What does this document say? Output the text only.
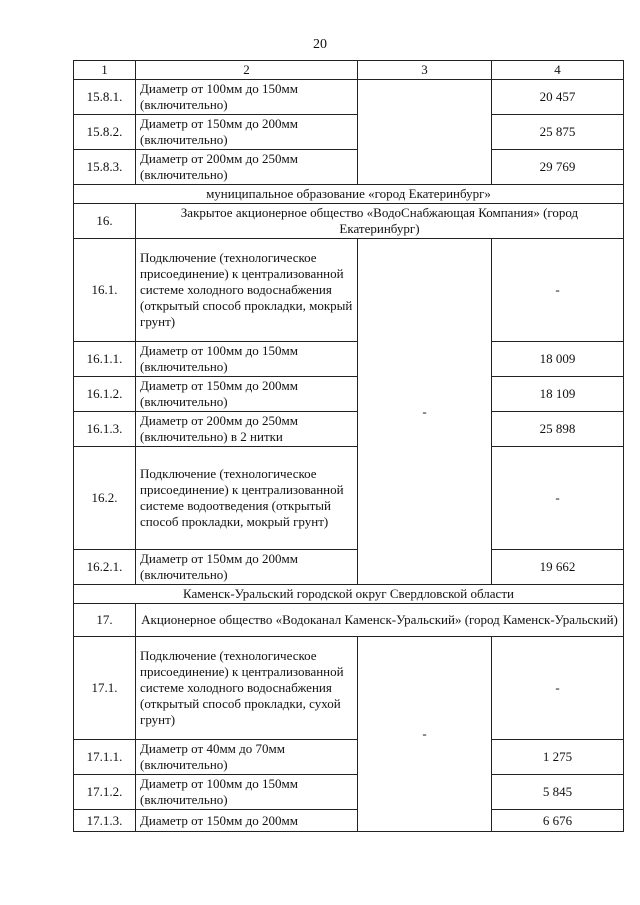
20
1	2	3	4
15.8.1.	Диаметр от 100мм до 150мм (включительно)		20 457
15.8.2.	Диаметр от 150мм до 200мм (включительно)		25 875
15.8.3.	Диаметр от 200мм до 250мм (включительно)		29 769
муниципальное образование «город Екатеринбург»			
16.	Закрытое акционерное общество «ВодоСнабжающая Компания» (город Екатеринбург)		
16.1.	Подключение (технологическое присоединение) к централизованной системе холодного водоснабжения (открытый способ прокладки, мокрый грунт)	-	-
16.1.1.	Диаметр от 100мм до 150мм (включительно)		18 009
16.1.2.	Диаметр от 150мм до 200мм (включительно)		18 109
16.1.3.	Диаметр от 200мм до 250мм (включительно) в 2 нитки		25 898
16.2.	Подключение (технологическое присоединение) к централизованной системе водоотведения (открытый способ прокладки, мокрый грунт)		-
16.2.1.	Диаметр от 150мм до 200мм (включительно)		19 662
Каменск-Уральский городской округ Свердловской области			
17.	Акционерное общество «Водоканал Каменск-Уральский» (город Каменск-Уральский)		
17.1.	Подключение (технологическое присоединение) к централизованной системе холодного водоснабжения (открытый способ прокладки, сухой грунт)	-	-
17.1.1.	Диаметр от 40мм до 70мм (включительно)		1 275
17.1.2.	Диаметр от 100мм до 150мм (включительно)		5 845
17.1.3.	Диаметр от 150мм до 200мм		6 676
